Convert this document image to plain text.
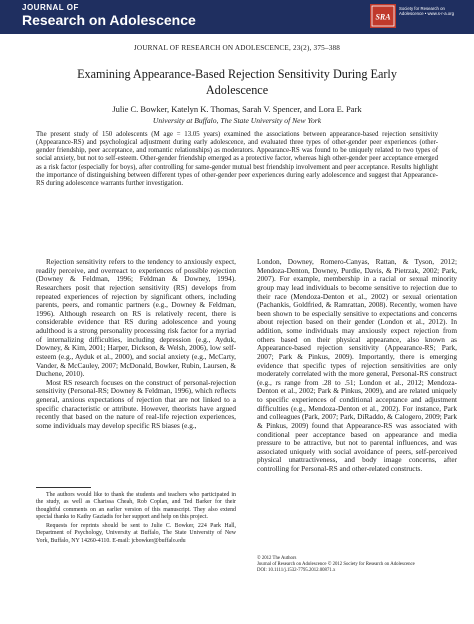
JOURNAL OF
Research on Adolescence	SRA
Society for Research on Adolescence • www.s-r-a.org
JOURNAL OF RESEARCH ON ADOLESCENCE, 23(2), 375–388
Examining Appearance-Based Rejection Sensitivity During Early Adolescence
Julie C. Bowker, Katelyn K. Thomas, Sarah V. Spencer, and Lora E. Park
University at Buffalo, The State University of New York

The present study of 150 adolescents (M age = 13.05 years) examined the associations between appearance-based rejection sensitivity (Appearance-RS) and psychological adjustment during early adolescence, and evaluated three types of other-gender peer experiences (other-gender friendship, peer acceptance, and romantic relationships) as moderators. Appearance-RS was found to be uniquely related to two types of social anxiety, but not to self-esteem. Other-gender friendship emerged as a protective factor, whereas high other-gender peer acceptance emerged as a risk factor (especially for boys), after controlling for same-gender mutual best friendship involvement and peer acceptance. Results highlight the importance of distinguishing between different types of other-gender peer experiences during early adolescence and suggest that Appearance-RS during adolescence warrants further investigation.

Rejection sensitivity refers to the tendency to anxiously expect, readily perceive, and overreact to experiences of possible rejection (Downey & Feldman, 1996; Feldman & Downey, 1994). Researchers posit that rejection sensitivity (RS) develops from repeated experiences of rejection by significant others, including parents, peers, and romantic partners (e.g., Downey & Feldman, 1996). Although research on RS is relatively recent, there is considerable evidence that RS during adolescence and young adulthood is a strong personality processing risk factor for a myriad of internalizing difficulties, including depression (e.g., Ayduk, Downey, & Kim, 2001; Harper, Dickson, & Welsh, 2006), low self-esteem (e.g., Ayduk et al., 2000), and social anxiety (e.g., McCarty, Vander, & McCauley, 2007; McDonald, Bowker, Rubin, Laursen, & Duchene, 2010).

Most RS research focuses on the construct of personal-rejection sensitivity (Personal-RS; Downey & Feldman, 1996), which reflects general, anxious expectations of rejection that are not linked to a specific characteristic or attribute. However, theorists have argued recently that based on the nature of real-life rejection experiences, some individuals may develop specific RS biases (e.g.,

London, Downey, Romero-Canyas, Rattan, & Tyson, 2012; Mendoza-Denton, Downey, Purdie, Davis, & Pietrzak, 2002; Park, 2007). For example, membership in a racial or sexual minority group may lead individuals to become sensitive to rejection due to their race (Mendoza-Denton et al., 2002) or sexual orientation (Pachankis, Goldfried, & Ramrattan, 2008). Recently, women have been shown to be especially sensitive to expectations and concerns about rejection based on their gender (London et al., 2012). In addition, some individuals may anxiously expect rejection from others based on their physical appearance, also known as Appearance-based rejection sensitivity (Appearance-RS; Park, 2007; Park & Pinkus, 2009). Importantly, there is emerging evidence that specific types of rejection sensitivities are only moderately correlated with the more general, Personal-RS construct (e.g., rs range from .28 to .51; London et al., 2012; Mendoza-Denton et al., 2002; Park & Pinkus, 2009), and are related uniquely to specific experiences of conditional acceptance and adjustment difficulties (e.g., Mendoza-Denton et al., 2002). For instance, Park and colleagues (Park, 2007; Park, DiRaddo, & Calogero, 2009; Park & Pinkus, 2009) found that Appearance-RS was associated with conditional peer acceptance based on appearance and media pressure to be attractive, but not to parental influences, and was associated uniquely with social avoidance of peers, self-perceived physical unattractiveness, and body image concerns, after controlling for Personal-RS and other-related constructs.

The authors would like to thank the students and teachers who participated in the study, as well as Charissa Cheah, Rob Coplan, and Ted Barker for their thoughtful comments on an earlier version of this manuscript. They also extend special thanks to Kathy Gaziadis for her support and help on this project.

Requests for reprints should be sent to Julie C. Bowker, 224 Park Hall, Department of Psychology, University at Buffalo, The State University of New York, Buffalo, NY 14260-4110. E-mail: jcbowker@buffalo.edu

© 2012 The Authors

Journal of Research on Adolescence © 2012 Society for Research on Adolescence

DOI: 10.1111/j.1532-7795.2012.00871.x
